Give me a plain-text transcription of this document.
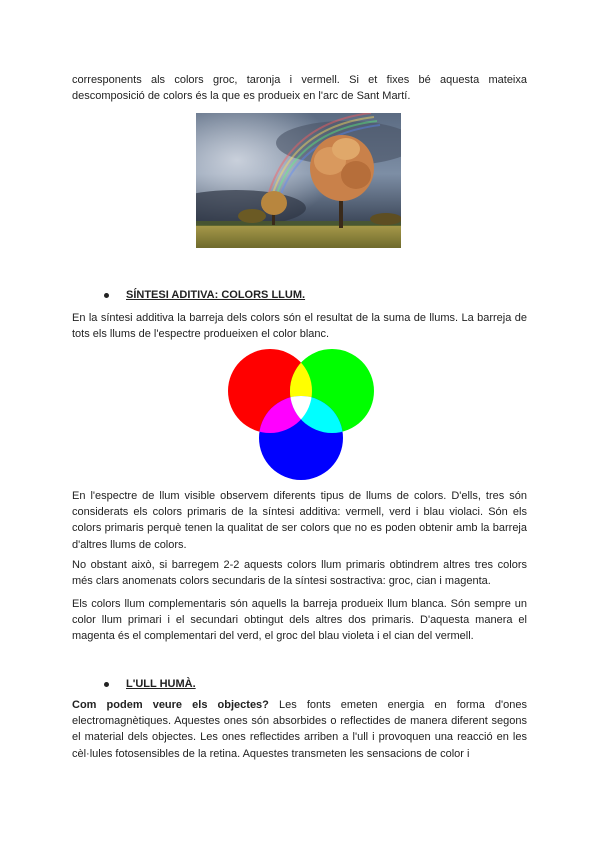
corresponents als colors groc, taronja i vermell. Si et fixes bé aquesta mateixa descomposició de colors és la que es produeix en l'arc de Sant Martí.

SÍNTESI ADITIVA: COLORS LLUM.

En la síntesi additiva la barreja dels colors són el resultat de la suma de llums. La barreja de tots els llums de l'espectre produeixen el color blanc.

En l'espectre de llum visible observem diferents tipus de llums de colors. D'ells, tres són considerats els colors primaris de la síntesi additiva: vermell, verd i blau violaci. Són els colors primaris perquè tenen la qualitat de ser colors que no es poden obtenir amb la barreja d'altres llums de colors.

No obstant això, si barregem 2-2 aquests colors llum primaris obtindrem altres tres colors més clars anomenats colors secundaris de la síntesi sostractiva: groc, cian i magenta.

Els colors llum complementaris són aquells la barreja produeix llum blanca. Són sempre un color llum primari i el secundari obtingut dels altres dos primaris. D'aquesta manera el magenta és el complementari del verd, el groc del blau violeta i el cian del vermell.

L'ULL HUMÀ.

Com podem veure els objectes? Les fonts emeten energia en forma d'ones electromagnètiques. Aquestes ones són absorbides o reflectides de manera diferent segons el material dels objectes. Les ones reflectides arriben a l'ull i provoquen una reacció en les cèl·lules fotosensibles de la retina. Aquestes transmeten les sensacions de color i
